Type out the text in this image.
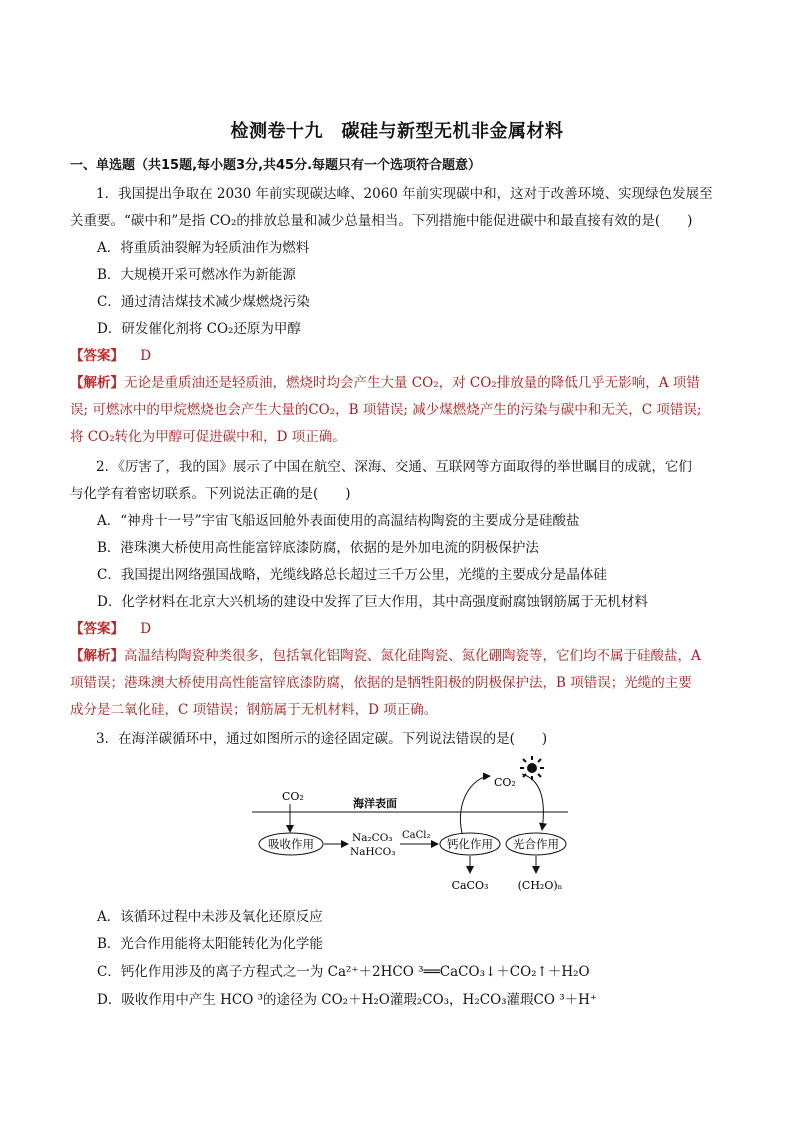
检测卷十九　碳硅与新型无机非金属材料
一、单选题（共15题,每小题3分,共45分.每题只有一个选项符合题意）
1．我国提出争取在 2030 年前实现碳达峰、2060 年前实现碳中和，这对于改善环境、实现绿色发展至
关重要。“碳中和”是指 CO₂的排放总量和减少总量相当。下列措施中能促进碳中和最直接有效的是(　　)
A．将重质油裂解为轻质油作为燃料
B．大规模开采可燃冰作为新能源
C．通过清洁煤技术减少煤燃烧污染
D．研发催化剂将 CO₂还原为甲醇
【答案】 D
【解析】无论是重质油还是轻质油，燃烧时均会产生大量 CO₂，对 CO₂排放量的降低几乎无影响，A 项错
误; 可燃冰中的甲烷燃烧也会产生大量的CO₂，B 项错误; 减少煤燃烧产生的污染与碳中和无关，C 项错误;
将 CO₂转化为甲醇可促进碳中和，D 项正确。
2．《厉害了，我的国》展示了中国在航空、深海、交通、互联网等方面取得的举世瞩目的成就，它们
与化学有着密切联系。下列说法正确的是(　　)
A．“神舟十一号”宇宙飞船返回舱外表面使用的高温结构陶瓷的主要成分是硅酸盐
B．港珠澳大桥使用高性能富锌底漆防腐，依据的是外加电流的阴极保护法
C．我国提出网络强国战略，光缆线路总长超过三千万公里，光缆的主要成分是晶体硅
D．化学材料在北京大兴机场的建设中发挥了巨大作用，其中高强度耐腐蚀钢筋属于无机材料
【答案】 D
【解析】高温结构陶瓷种类很多，包括氧化铝陶瓷、氮化硅陶瓷、氮化硼陶瓷等，它们均不属于硅酸盐，A
项错误；港珠澳大桥使用高性能富锌底漆防腐，依据的是牺牲阳极的阴极保护法，B 项错误；光缆的主要
成分是二氧化硅，C 项错误；钢筋属于无机材料，D 项正确。
3．在海洋碳循环中，通过如图所示的途径固定碳。下列说法错误的是(　　)
海洋表面
CO₂
吸收作用	Na₂CO₃
NaHCO₃
CaCl₂
钙化作用 光合作用
CO₂
CaCO₃	(CH₂O)ₙ
A．该循环过程中未涉及氧化还原反应
B．光合作用能将太阳能转化为化学能
C．钙化作用涉及的离子方程式之一为 Ca²⁺＋2HCO ³══CaCO₃↓＋CO₂↑＋H₂O
D．吸收作用中产生 HCO ³的途径为 CO₂＋H₂O灌瑕₂CO₃，H₂CO₃灌瑕CO ³＋H⁺
